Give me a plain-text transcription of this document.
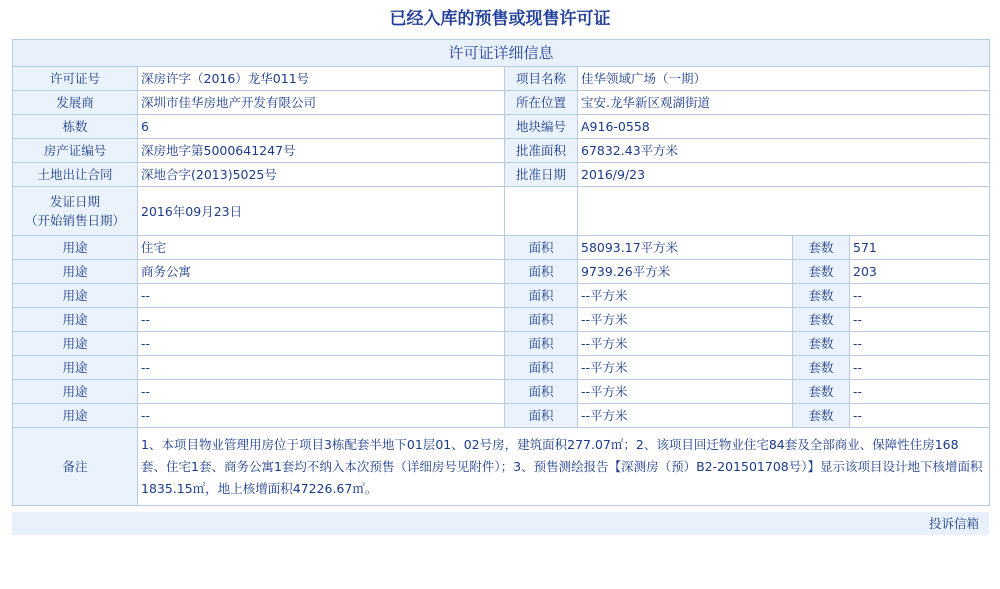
已经入库的预售或现售许可证
许可证详细信息					
许可证号	深房许字（2016）龙华011号	项目名称	佳华领域广场（一期）		
发展商	深圳市佳华房地产开发有限公司	所在位置	宝安.龙华新区观湖街道		
栋数	6	地块编号	A916-0558		
房产证编号	深房地字第5000641247号	批准面积	67832.43平方米		
土地出让合同	深地合字(2013)5025号	批准日期	2016/9/23		

发证日期
（开始销售日期）	2016年09月23日				
用途	住宅	面积	58093.17平方米	套数	571
用途	商务公寓	面积	9739.26平方米	套数	203
用途	--	面积	--平方米	套数	--
用途	--	面积	--平方米	套数	--
用途	--	面积	--平方米	套数	--
用途	--	面积	--平方米	套数	--
用途	--	面积	--平方米	套数	--
用途	--	面积	--平方米	套数	--
备注	1、本项目物业管理用房位于项目3栋配套半地下01层01、02号房，建筑面积277.07㎡；2、该项目回迁物业住宅84套及全部商业、保障性住房168套、住宅1套、商务公寓1套均不纳入本次预售（详细房号见附件）；3、预售测绘报告【深测房（预）B2-201501708号）】显示该项目设计地下核增面积1835.15㎡，地上核增面积47226.67㎡。				
投诉信箱
